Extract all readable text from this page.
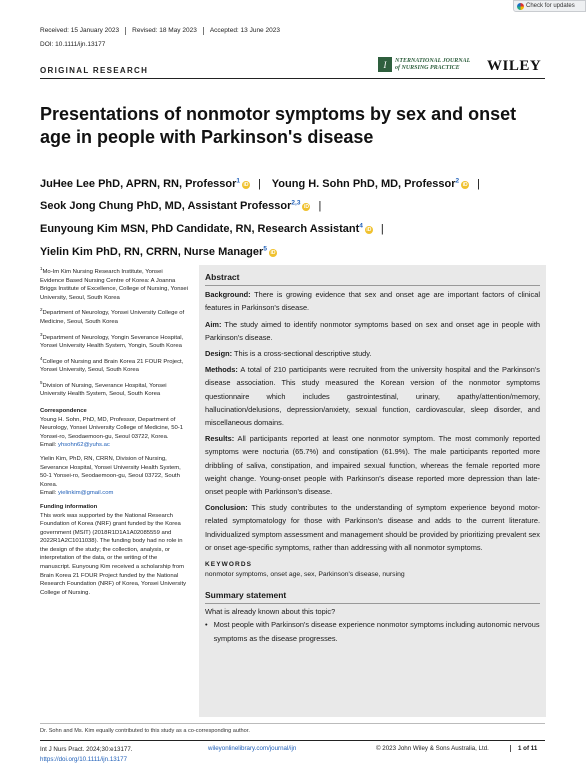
Check for updates
Received: 15 January 2023	Revised: 18 May 2023	Accepted: 13 June 2023
DOI: 10.1111/ijn.13177
ORIGINAL RESEARCH
I	NTERNATIONAL JOURNAL
of NURSING PRACTICE	WILEY
Presentations of nonmotor symptoms by sex and onset age in people with Parkinson's disease
JuHee Lee PhD, APRN, RN, Professor$^1$iD | Young H. Sohn PhD, MD, Professor$^2$iD |
Seok Jong Chung PhD, MD, Assistant Professor$^{2,3}$iD |
Eunyoung Kim MSN, PhD Candidate, RN, Research Assistant$^4$iD |
Yielin Kim PhD, RN, CRRN, Nurse Manager$^5$iD
$^1$Mo-Im Kim Nursing Research Institute, Yonsei Evidence Based Nursing Centre of Korea: A Joanna Briggs Institute of Excellence, College of Nursing, Yonsei University, Seoul, South Korea
$^2$Department of Neurology, Yonsei University College of Medicine, Seoul, South Korea
$^3$Department of Neurology, Yongin Severance Hospital, Yonsei University Health System, Yongin, South Korea
$^4$College of Nursing and Brain Korea 21 FOUR Project, Yonsei University, Seoul, South Korea
$^5$Division of Nursing, Severance Hospital, Yonsei University Health System, Seoul, South Korea
Correspondence
Young H. Sohn, PhD, MD, Professor, Department of Neurology, Yonsei University College of Medicine, 50-1 Yonsei-ro, Seodaemoon-gu, Seoul 03722, Korea.
Email: yhsohn62@yuhs.ac
Yielin Kim, PhD, RN, CRRN, Division of Nursing, Severance Hospital, Yonsei University Health System, 50-1 Yonsei-ro, Seodaemoon-gu, Seoul 03722, South Korea.
Email: yielinkim@gmail.com
Funding information
This work was supported by the National Research Foundation of Korea (NRF) grant funded by the Korea government (MSIT) (2018R1D1A1A02085559 and 2022R1A2C1011038). The funding body had no role in the design of the study; the collection, analysis, or interpretation of the data, or the writing of the manuscript. Eunyoung Kim received a scholarship from Brain Korea 21 FOUR Project funded by the National Research Foundation (NRF) of Korea, Yonsei University College of Nursing.
Abstract

Background: There is growing evidence that sex and onset age are important factors of clinical features in Parkinson's disease.

Aim: The study aimed to identify nonmotor symptoms based on sex and onset age in people with Parkinson's disease.

Design: This is a cross-sectional descriptive study.

Methods: A total of 210 participants were recruited from the university hospital and the Parkinson's disease association. This study measured the Korean version of the nonmotor symptoms questionnaire which includes gastrointestinal, urinary, apathy/attention/memory, hallucination/delusions, depression/anxiety, sexual function, cardiovascular, sleep disorder, and miscellaneous domains.

Results: All participants reported at least one nonmotor symptom. The most commonly reported symptoms were nocturia (65.7%) and constipation (61.9%). The male participants reported more dribbling of saliva, constipation, and impaired sexual function, whereas the female reported more weight change. Young-onset people with Parkinson's disease reported more depression than late-onset people with Parkinson's disease.

Conclusion: This study contributes to the understanding of symptom experience beyond motor-related symptomatology for those with Parkinson's disease and adds to the current literature. Individualized symptom assessment and management should be provided by prioritizing prevalent sex or onset age-specific symptoms, rather than addressing with all nonmotor symptoms.

KEYWORDS
nonmotor symptoms, onset age, sex, Parkinson's disease, nursing
Summary statement

What is already known about this topic?

• Most people with Parkinson's disease experience nonmotor symptoms including autonomic nervous symptoms as the disease progresses.
Dr. Sohn and Ms. Kim equally contributed to this study as a co-corresponding author.
Int J Nurs Pract. 2024;30:e13177.
https://doi.org/10.1111/ijn.13177
wileyonlinelibrary.com/journal/ijn	© 2023 John Wiley & Sons Australia, Ltd.	1 of 11
